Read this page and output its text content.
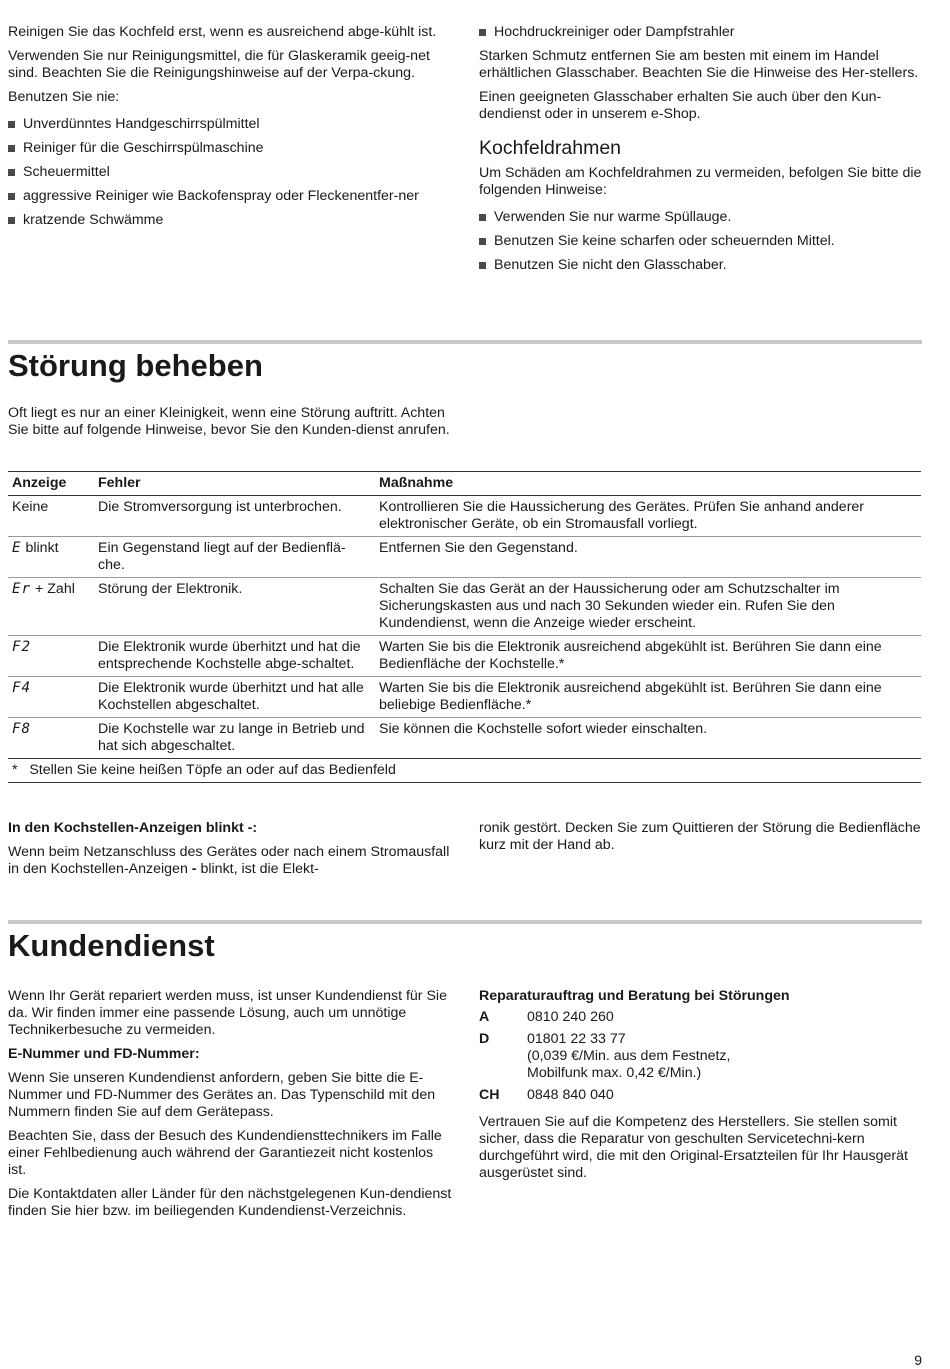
Reinigen Sie das Kochfeld erst, wenn es ausreichend abge-kühlt ist.

Verwenden Sie nur Reinigungsmittel, die für Glaskeramik geeig-net sind. Beachten Sie die Reinigungshinweise auf der Verpa-ckung.

Benutzen Sie nie:

Unverdünntes Handgeschirrspülmittel
Reiniger für die Geschirrspülmaschine
Scheuermittel
aggressive Reiniger wie Backofenspray oder Fleckenentfer-ner
kratzende Schwämme
Hochdruckreiniger oder Dampfstrahler

Starken Schmutz entfernen Sie am besten mit einem im Handel erhältlichen Glasschaber. Beachten Sie die Hinweise des Her-stellers.

Einen geeigneten Glasschaber erhalten Sie auch über den Kun-dendienst oder in unserem e-Shop.

Kochfeldrahmen

Um Schäden am Kochfeldrahmen zu vermeiden, befolgen Sie bitte die folgenden Hinweise:

Verwenden Sie nur warme Spüllauge.
Benutzen Sie keine scharfen oder scheuernden Mittel.
Benutzen Sie nicht den Glasschaber.
Störung beheben

Oft liegt es nur an einer Kleinigkeit, wenn eine Störung auftritt. Achten Sie bitte auf folgende Hinweise, bevor Sie den Kunden-dienst anrufen.

Anzeige	Fehler	Maßnahme
Keine	Die Stromversorgung ist unterbrochen.	Kontrollieren Sie die Haussicherung des Gerätes. Prüfen Sie anhand anderer elektronischer Geräte, ob ein Stromausfall vorliegt.
E blinkt	Ein Gegenstand liegt auf der Bedienflä-che.	Entfernen Sie den Gegenstand.
Er + Zahl	Störung der Elektronik.	Schalten Sie das Gerät an der Haussicherung oder am Schutzschalter im Sicherungskasten aus und nach 30 Sekunden wieder ein. Rufen Sie den Kundendienst, wenn die Anzeige wieder erscheint.
F2	Die Elektronik wurde überhitzt und hat die entsprechende Kochstelle abge-schaltet.	Warten Sie bis die Elektronik ausreichend abgekühlt ist. Berühren Sie dann eine Bedienfläche der Kochstelle.*
F4	Die Elektronik wurde überhitzt und hat alle Kochstellen abgeschaltet.	Warten Sie bis die Elektronik ausreichend abgekühlt ist. Berühren Sie dann eine beliebige Bedienfläche.*
F8	Die Kochstelle war zu lange in Betrieb und hat sich abgeschaltet.	Sie können die Kochstelle sofort wieder einschalten.
*   Stellen Sie keine heißen Töpfe an oder auf das Bedienfeld		

In den Kochstellen-Anzeigen blinkt -:

Wenn beim Netzanschluss des Gerätes oder nach einem Stromausfall in den Kochstellen-Anzeigen - blinkt, ist die Elekt-

ronik gestört. Decken Sie zum Quittieren der Störung die Bedienfläche kurz mit der Hand ab.

Kundendienst

Wenn Ihr Gerät repariert werden muss, ist unser Kundendienst für Sie da. Wir finden immer eine passende Lösung, auch um unnötige Technikerbesuche zu vermeiden.

E-Nummer und FD-Nummer:

Wenn Sie unseren Kundendienst anfordern, geben Sie bitte die E-Nummer und FD-Nummer des Gerätes an. Das Typenschild mit den Nummern finden Sie auf dem Gerätepass.

Beachten Sie, dass der Besuch des Kundendiensttechnikers im Falle einer Fehlbedienung auch während der Garantiezeit nicht kostenlos ist.

Die Kontaktdaten aller Länder für den nächstgelegenen Kun-dendienst finden Sie hier bzw. im beiliegenden Kundendienst-Verzeichnis.

Reparaturauftrag und Beratung bei Störungen

A	0810 240 260
D	01801 22 33 77
(0,039 €/Min. aus dem Festnetz,
Mobilfunk max. 0,42 €/Min.)
CH	0848 840 040

Vertrauen Sie auf die Kompetenz des Herstellers. Sie stellen somit sicher, dass die Reparatur von geschulten Servicetechni-kern durchgeführt wird, die mit den Original-Ersatzteilen für Ihr Hausgerät ausgerüstet sind.

9
